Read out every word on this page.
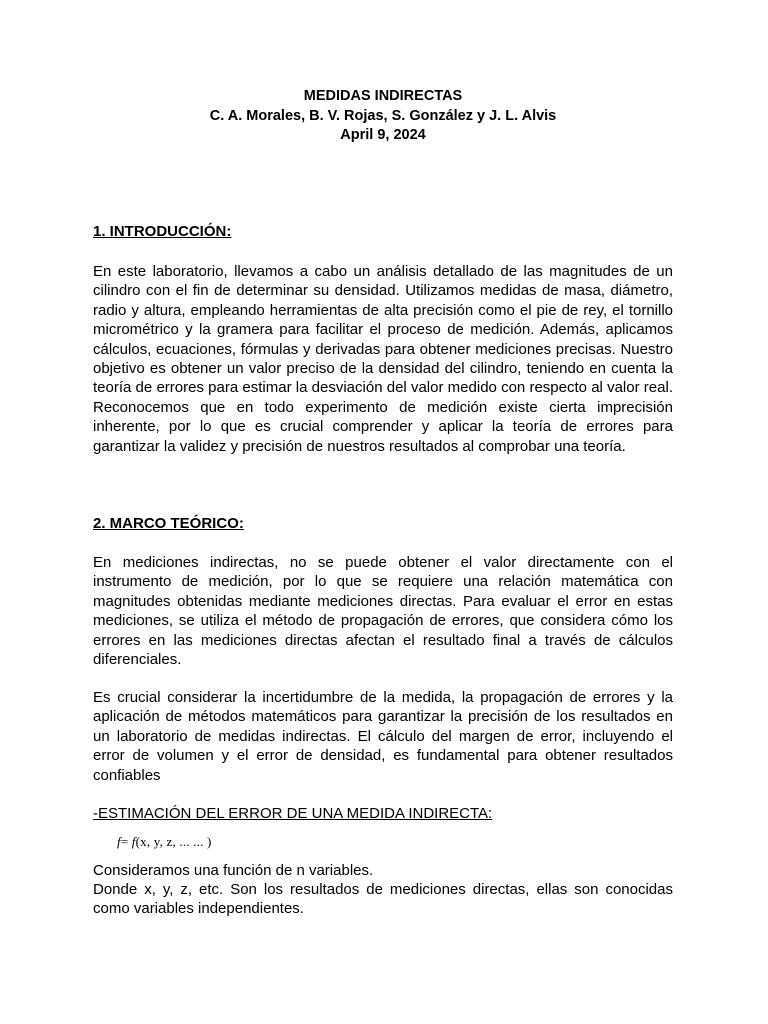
MEDIDAS INDIRECTAS
C. A. Morales, B. V. Rojas, S. González y J. L. Alvis
April 9, 2024
1. INTRODUCCIÓN:
En este laboratorio, llevamos a cabo un análisis detallado de las magnitudes de un cilindro con el fin de determinar su densidad. Utilizamos medidas de masa, diámetro, radio y altura, empleando herramientas de alta precisión como el pie de rey, el tornillo micrométrico y la gramera para facilitar el proceso de medición. Además, aplicamos cálculos, ecuaciones, fórmulas y derivadas para obtener mediciones precisas. Nuestro objetivo es obtener un valor preciso de la densidad del cilindro, teniendo en cuenta la teoría de errores para estimar la desviación del valor medido con respecto al valor real. Reconocemos que en todo experimento de medición existe cierta imprecisión inherente, por lo que es crucial comprender y aplicar la teoría de errores para garantizar la validez y precisión de nuestros resultados al comprobar una teoría.
2. MARCO TEÓRICO:
En mediciones indirectas, no se puede obtener el valor directamente con el instrumento de medición, por lo que se requiere una relación matemática con magnitudes obtenidas mediante mediciones directas. Para evaluar el error en estas mediciones, se utiliza el método de propagación de errores, que considera cómo los errores en las mediciones directas afectan el resultado final a través de cálculos diferenciales.
Es crucial considerar la incertidumbre de la medida, la propagación de errores y la aplicación de métodos matemáticos para garantizar la precisión de los resultados en un laboratorio de medidas indirectas. El cálculo del margen de error, incluyendo el error de volumen y el error de densidad, es fundamental para obtener resultados confiables
-ESTIMACIÓN DEL ERROR DE UNA MEDIDA INDIRECTA:
f= f(x, y, z, ... ... )
Consideramos una función de n variables.
Donde x, y, z, etc. Son los resultados de mediciones directas, ellas son conocidas como variables independientes.
